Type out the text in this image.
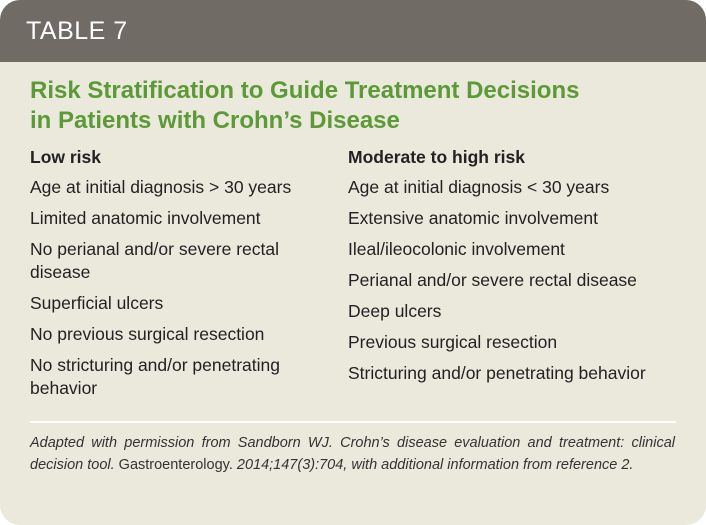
TABLE 7
Risk Stratification to Guide Treatment Decisions
in Patients with Crohn’s Disease
Low risk
Age at initial diagnosis > 30 years
Limited anatomic involvement
No perianal and/or severe rectal disease
Superficial ulcers
No previous surgical resection
No stricturing and/or penetrating behavior
Moderate to high risk
Age at initial diagnosis < 30 years
Extensive anatomic involvement
Ileal/ileocolonic involvement
Perianal and/or severe rectal disease
Deep ulcers
Previous surgical resection
Stricturing and/or penetrating behavior
Adapted with permission from Sandborn WJ. Crohn’s disease evaluation and treatment: clinical decision tool. Gastroenterology. 2014;147(3):704, with additional information from reference 2.
